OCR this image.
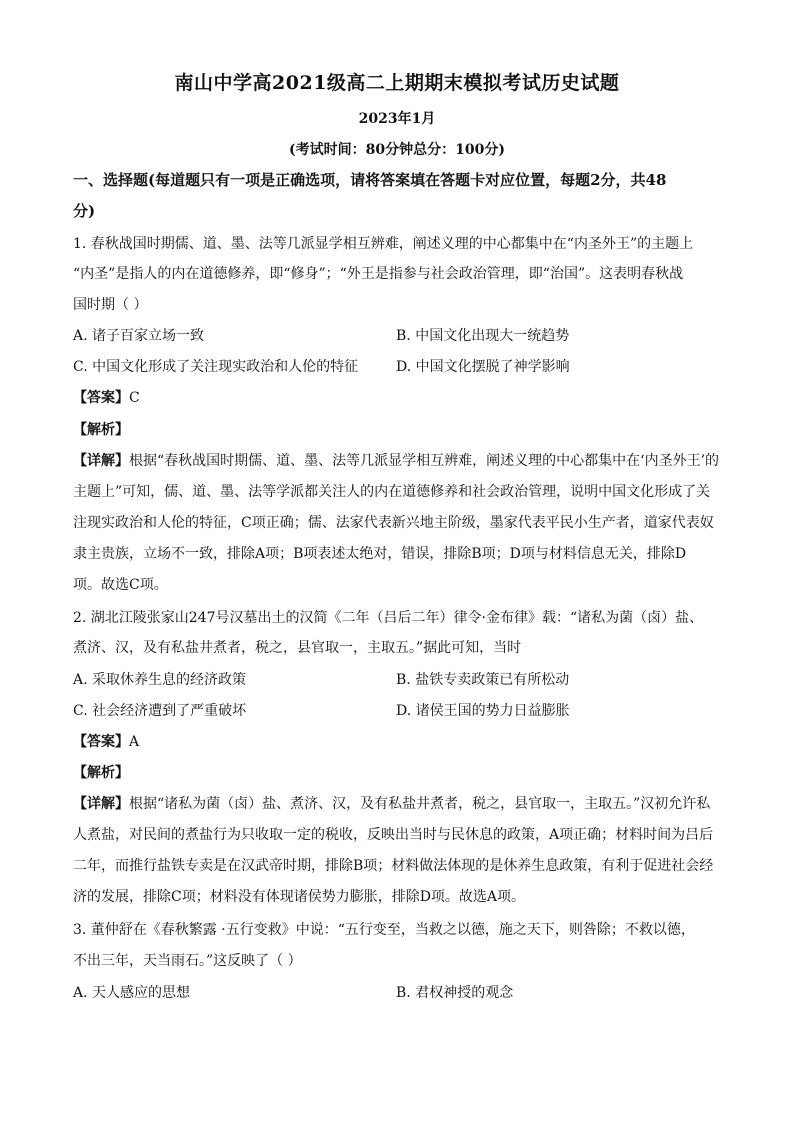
南山中学高2021级高二上期期末模拟考试历史试题
2023年1月
(考试时间：80分钟总分：100分)
一、选择题(每道题只有一项是正确选项，请将答案填在答题卡对应位置，每题2分，共48
分)
1. 春秋战国时期儒、道、墨、法等几派显学相互辨难，阐述义理的中心都集中在“内圣外王”的主题上
“内圣”是指人的内在道德修养，即“修身”；“外王是指参与社会政治管理，即“治国”。这表明春秋战
国时期（ ）
A. 诸子百家立场一致	B. 中国文化出现大一统趋势
C. 中国文化形成了关注现实政治和人伦的特征	D. 中国文化摆脱了神学影响
【答案】C
【解析】
【详解】根据“春秋战国时期儒、道、墨、法等几派显学相互辨难，阐述义理的中心都集中在‘内圣外王’的
主题上”可知，儒、道、墨、法等学派都关注人的内在道德修养和社会政治管理，说明中国文化形成了关
注现实政治和人伦的特征，C项正确；儒、法家代表新兴地主阶级，墨家代表平民小生产者，道家代表奴
隶主贵族，立场不一致，排除A项；B项表述太绝对，错误，排除B项；D项与材料信息无关，排除D
项。故选C项。
2. 湖北江陵张家山247号汉墓出土的汉简《二年（吕后二年）律令·金布律》载：“诸私为菌（卤）盐、
煮济、汉，及有私盐井煮者，税之，县官取一，主取五。”据此可知，当时
A. 采取休养生息的经济政策	B. 盐铁专卖政策已有所松动
C. 社会经济遭到了严重破坏	D. 诸侯王国的势力日益膨胀
【答案】A
【解析】
【详解】根据“诸私为菌（卤）盐、煮济、汉，及有私盐井煮者，税之，县官取一，主取五。”汉初允许私
人煮盐，对民间的煮盐行为只收取一定的税收，反映出当时与民休息的政策，A项正确；材料时间为吕后
二年，而推行盐铁专卖是在汉武帝时期，排除B项；材料做法体现的是休养生息政策，有利于促进社会经
济的发展，排除C项；材料没有体现诸侯势力膨胀，排除D项。故选A项。
3. 董仲舒在《春秋繁露 ·五行变救》中说：“五行变至，当救之以德，施之天下，则咎除；不救以德，
不出三年，天当雨石。”这反映了（ ）
A. 天人感应的思想	B. 君权神授的观念
